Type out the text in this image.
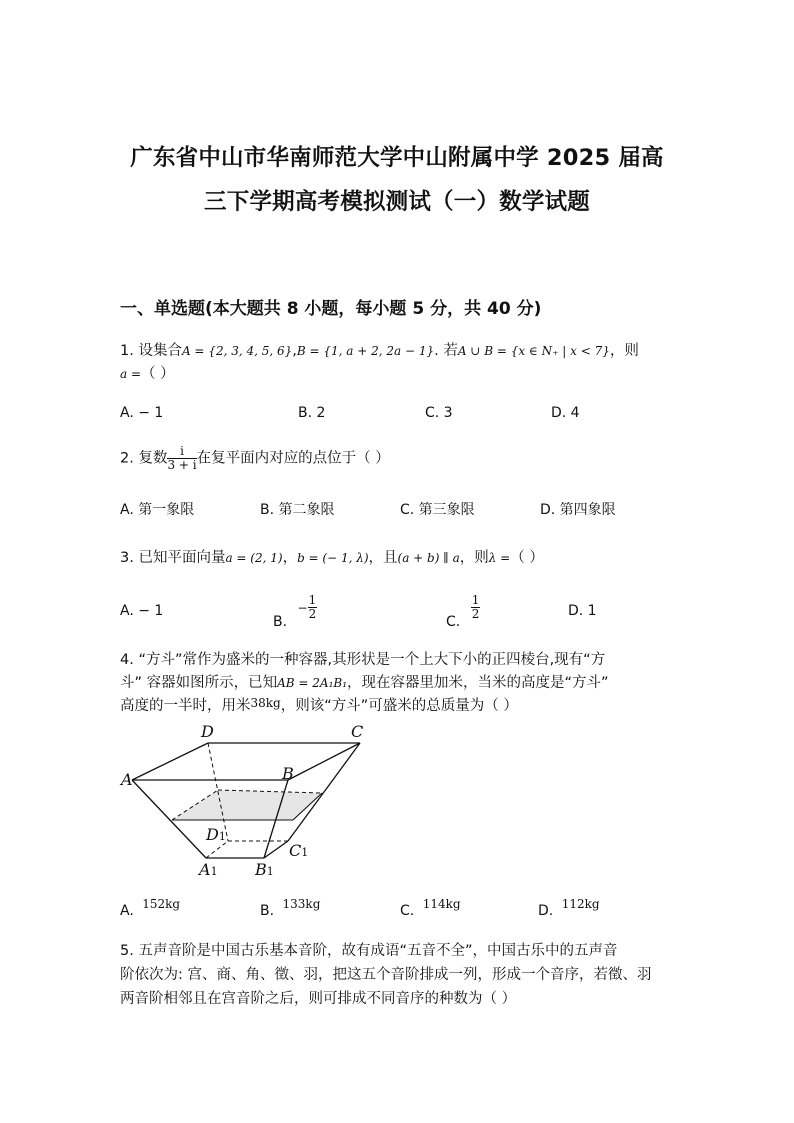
广东省中山市华南师范大学中山附属中学 2025 届高
三下学期高考模拟测试（一）数学试题
一、单选题(本大题共 8 小题，每小题 5 分，共 40 分)
1. 设集合A = {2, 3, 4, 5, 6},B = {1, a + 2, 2a − 1}. 若A ∪ B = {x ∈ N₊ | x < 7}，则
a =（ ）
A. − 1	B. 2	C. 3	D. 4
2. 复数 $\frac{i}{3 + i}$ 在复平面内对应的点位于（ ）
A. 第一象限	B. 第二象限	C. 第三象限	D. 第四象限
3. 已知平面向量a = (2, 1)，b = (− 1, λ)，且(a + b) ∥ a，则λ =（ ）
A. − 1
B. − $\frac{1}{2}$
C.
$\frac{1}{2}$	D. 1
4. “方斗”常作为盛米的一种容器,其形状是一个上大下小的正四棱台,现有“方
斗” 容器如图所示，已知AB = 2A₁B₁，现在容器里加米，当米的高度是“方斗”
高度的一半时，用米$^{38kg}$，则该“方斗”可盛米的总质量为（ ）
D	C
A	B
D1
C1
A1 B1
A. 152kg	B. 133kg	C. 114kg	D. 112kg
5. 五声音阶是中国古乐基本音阶，故有成语“五音不全”，中国古乐中的五声音
阶依次为: 宫、商、角、徵、羽，把这五个音阶排成一列，形成一个音序，若徵、羽
两音阶相邻且在宫音阶之后，则可排成不同音序的种数为（ ）
